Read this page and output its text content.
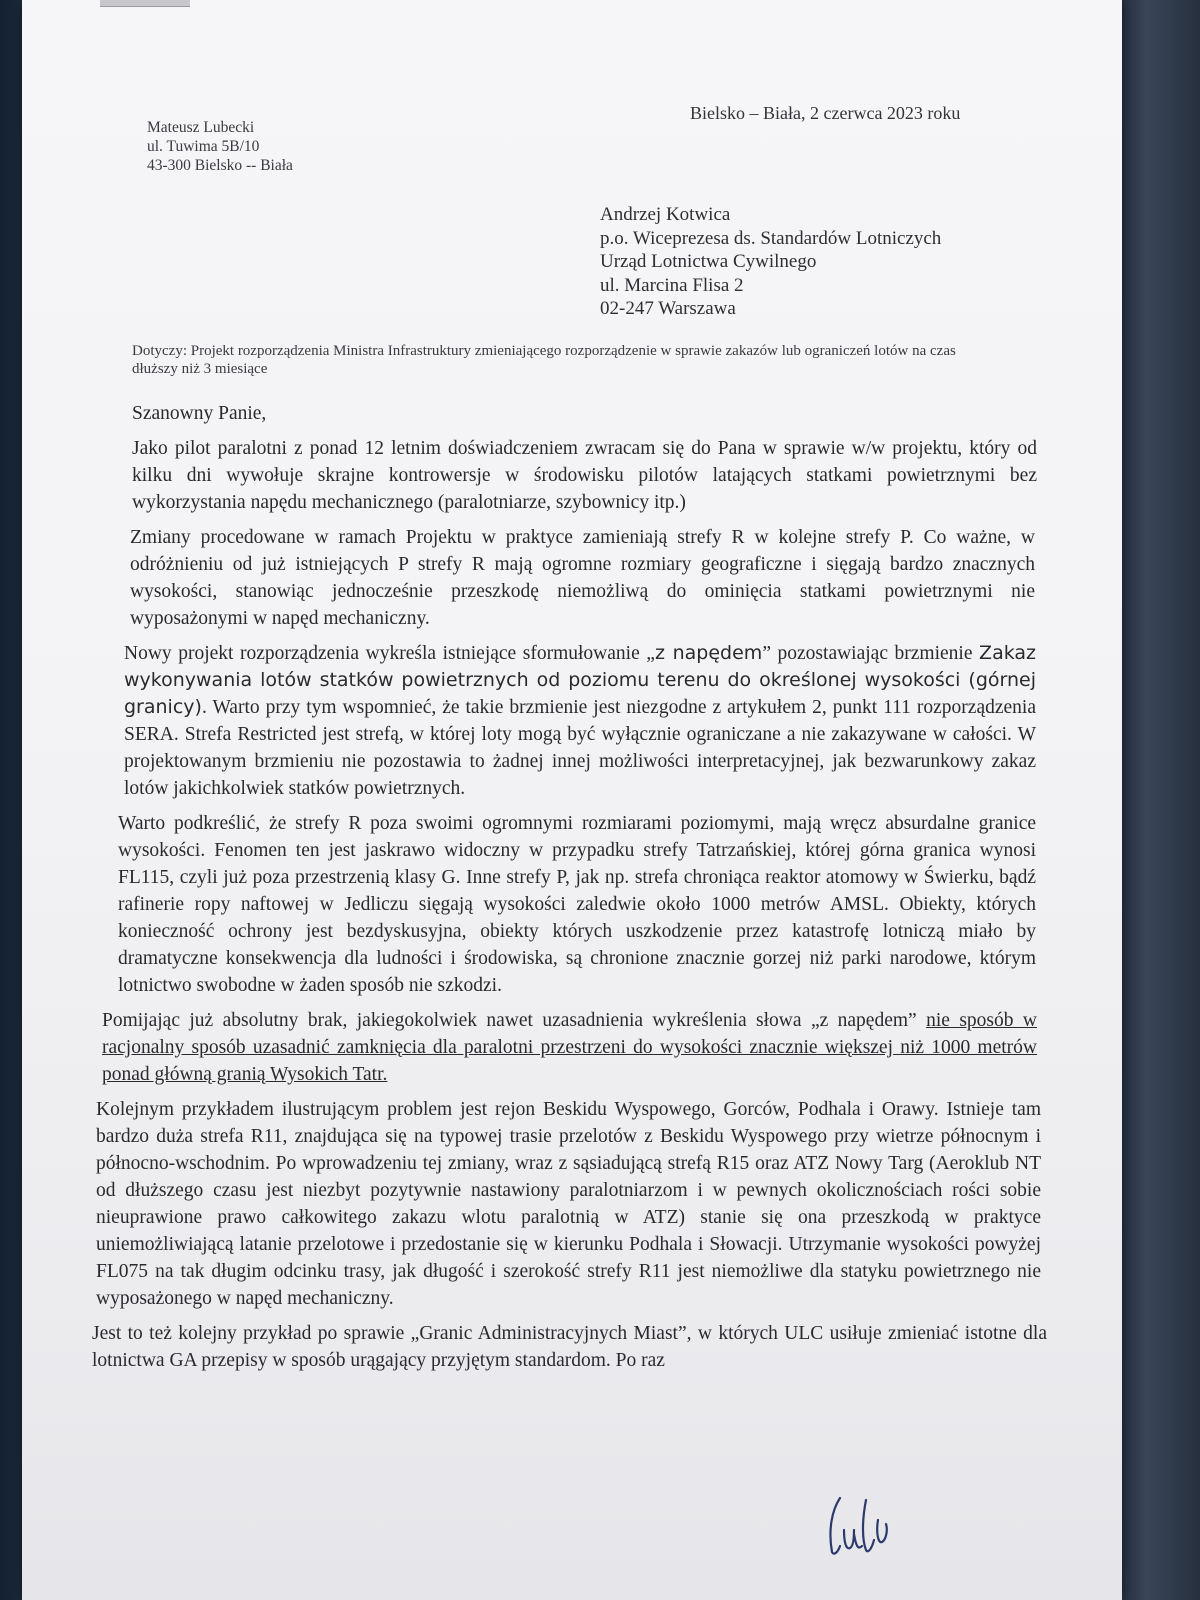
Bielsko – Biała, 2 czerwca 2023 roku
Mateusz Lubecki
ul. Tuwima 5B/10
43-300 Bielsko -- Biała
Andrzej Kotwica
p.o. Wiceprezesa ds. Standardów Lotniczych
Urząd Lotnictwa Cywilnego
ul. Marcina Flisa 2
02-247 Warszawa
Dotyczy: Projekt rozporządzenia Ministra Infrastruktury zmieniającego rozporządzenie w sprawie zakazów lub ograniczeń lotów na czas dłuższy niż 3 miesiące

Szanowny Panie,

Jako pilot paralotni z ponad 12 letnim doświadczeniem zwracam się do Pana w sprawie w/w projektu, który od kilku dni wywołuje skrajne kontrowersje w środowisku pilotów latających statkami powietrznymi bez wykorzystania napędu mechanicznego (paralotniarze, szybownicy itp.)

Zmiany procedowane w ramach Projektu w praktyce zamieniają strefy R w kolejne strefy P. Co ważne, w odróżnieniu od już istniejących P strefy R mają ogromne rozmiary geograficzne i sięgają bardzo znacznych wysokości, stanowiąc jednocześnie przeszkodę niemożliwą do ominięcia statkami powietrznymi nie wyposażonymi w napęd mechaniczny.

Nowy projekt rozporządzenia wykreśla istniejące sformułowanie „z napędem” pozostawiając brzmienie Zakaz wykonywania lotów statków powietrznych od poziomu terenu do określonej wysokości (górnej granicy). Warto przy tym wspomnieć, że takie brzmienie jest niezgodne z artykułem 2, punkt 111 rozporządzenia SERA. Strefa Restricted jest strefą, w której loty mogą być wyłącznie ograniczane a nie zakazywane w całości. W projektowanym brzmieniu nie pozostawia to żadnej innej możliwości interpretacyjnej, jak bezwarunkowy zakaz lotów jakichkolwiek statków powietrznych.

Warto podkreślić, że strefy R poza swoimi ogromnymi rozmiarami poziomymi, mają wręcz absurdalne granice wysokości. Fenomen ten jest jaskrawo widoczny w przypadku strefy Tatrzańskiej, której górna granica wynosi FL115, czyli już poza przestrzenią klasy G. Inne strefy P, jak np. strefa chroniąca reaktor atomowy w Świerku, bądź rafinerie ropy naftowej w Jedliczu sięgają wysokości zaledwie około 1000 metrów AMSL. Obiekty, których konieczność ochrony jest bezdyskusyjna, obiekty których uszkodzenie przez katastrofę lotniczą miało by dramatyczne konsekwencja dla ludności i środowiska, są chronione znacznie gorzej niż parki narodowe, którym lotnictwo swobodne w żaden sposób nie szkodzi.

Pomijając już absolutny brak, jakiegokolwiek nawet uzasadnienia wykreślenia słowa „z napędem” nie sposób w racjonalny sposób uzasadnić zamknięcia dla paralotni przestrzeni do wysokości znacznie większej niż 1000 metrów ponad główną granią Wysokich Tatr.

Kolejnym przykładem ilustrującym problem jest rejon Beskidu Wyspowego, Gorców, Podhala i Orawy. Istnieje tam bardzo duża strefa R11, znajdująca się na typowej trasie przelotów z Beskidu Wyspowego przy wietrze północnym i północno-wschodnim. Po wprowadzeniu tej zmiany, wraz z sąsiadującą strefą R15 oraz ATZ Nowy Targ (Aeroklub NT od dłuższego czasu jest niezbyt pozytywnie nastawiony paralotniarzom i w pewnych okolicznościach rości sobie nieuprawione prawo całkowitego zakazu wlotu paralotnią w ATZ) stanie się ona przeszkodą w praktyce uniemożliwiającą latanie przelotowe i przedostanie się w kierunku Podhala i Słowacji. Utrzymanie wysokości powyżej FL075 na tak długim odcinku trasy, jak długość i szerokość strefy R11 jest niemożliwe dla statyku powietrznego nie wyposażonego w napęd mechaniczny.

Jest to też kolejny przykład po sprawie „Granic Administracyjnych Miast”, w których ULC usiłuje zmieniać istotne dla lotnictwa GA przepisy w sposób urągający przyjętym standardom. Po raz
